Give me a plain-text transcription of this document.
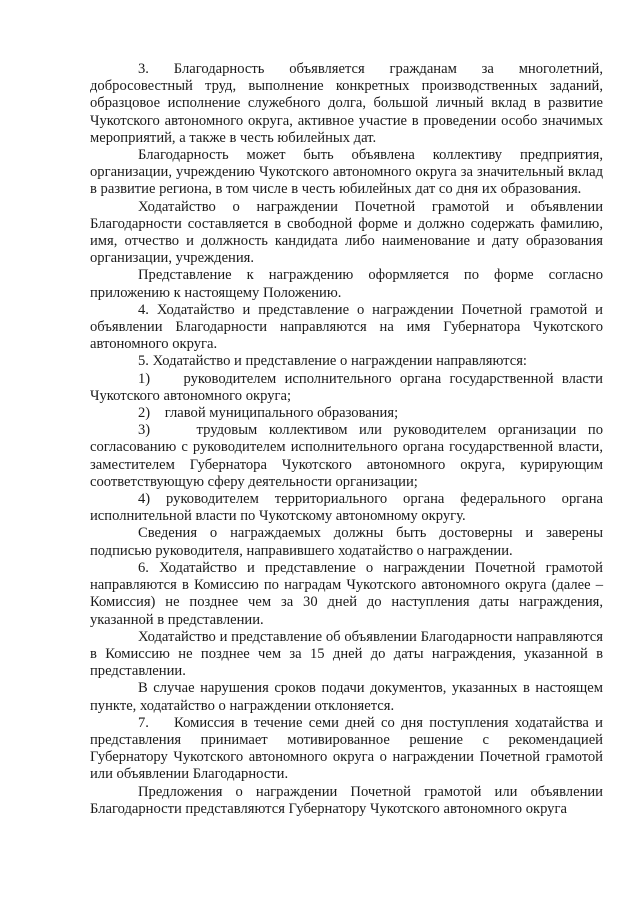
3. Благодарность объявляется гражданам за многолетний, добросовестный труд, выполнение конкретных производственных заданий, образцовое исполнение служебного долга, большой личный вклад в развитие Чукотского автономного округа, активное участие в проведении особо значимых мероприятий, а также в честь юбилейных дат.

Благодарность может быть объявлена коллективу предприятия, организации, учреждению Чукотского автономного округа за значительный вклад в развитие региона, в том числе в честь юбилейных дат со дня их образования.

Ходатайство о награждении Почетной грамотой и объявлении Благодарности составляется в свободной форме и должно содержать фамилию, имя, отчество и должность кандидата либо наименование и дату образования организации, учреждения.

Представление к награждению оформляется по форме согласно приложению к настоящему Положению.

4. Ходатайство и представление о награждении Почетной грамотой и объявлении Благодарности направляются на имя Губернатора Чукотского автономного округа.

5. Ходатайство и представление о награждении направляются:

1)    руководителем исполнительного органа государственной власти Чукотского автономного округа;

2)    главой муниципального образования;

3)    трудовым коллективом или руководителем организации по согласованию с руководителем исполнительного органа государственной власти, заместителем Губернатора Чукотского автономного округа, курирующим соответствующую сферу деятельности организации;

4) руководителем территориального органа федерального органа исполнительной власти по Чукотскому автономному округу.

Сведения о награждаемых должны быть достоверны и заверены подписью руководителя, направившего ходатайство о награждении.

6. Ходатайство и представление о награждении Почетной грамотой направляются в Комиссию по наградам Чукотского автономного округа (далее – Комиссия) не позднее чем за 30 дней до наступления даты награждения, указанной в представлении.

Ходатайство и представление об объявлении Благодарности направляются в Комиссию не позднее чем за 15 дней до даты награждения, указанной в представлении.

В случае нарушения сроков подачи документов, указанных в настоящем пункте, ходатайство о награждении отклоняется.

7.    Комиссия в течение семи дней со дня поступления ходатайства и представления принимает мотивированное решение с рекомендацией Губернатору Чукотского автономного округа о награждении Почетной грамотой или объявлении Благодарности.

Предложения о награждении Почетной грамотой или объявлении Благодарности представляются Губернатору Чукотского автономного округа
